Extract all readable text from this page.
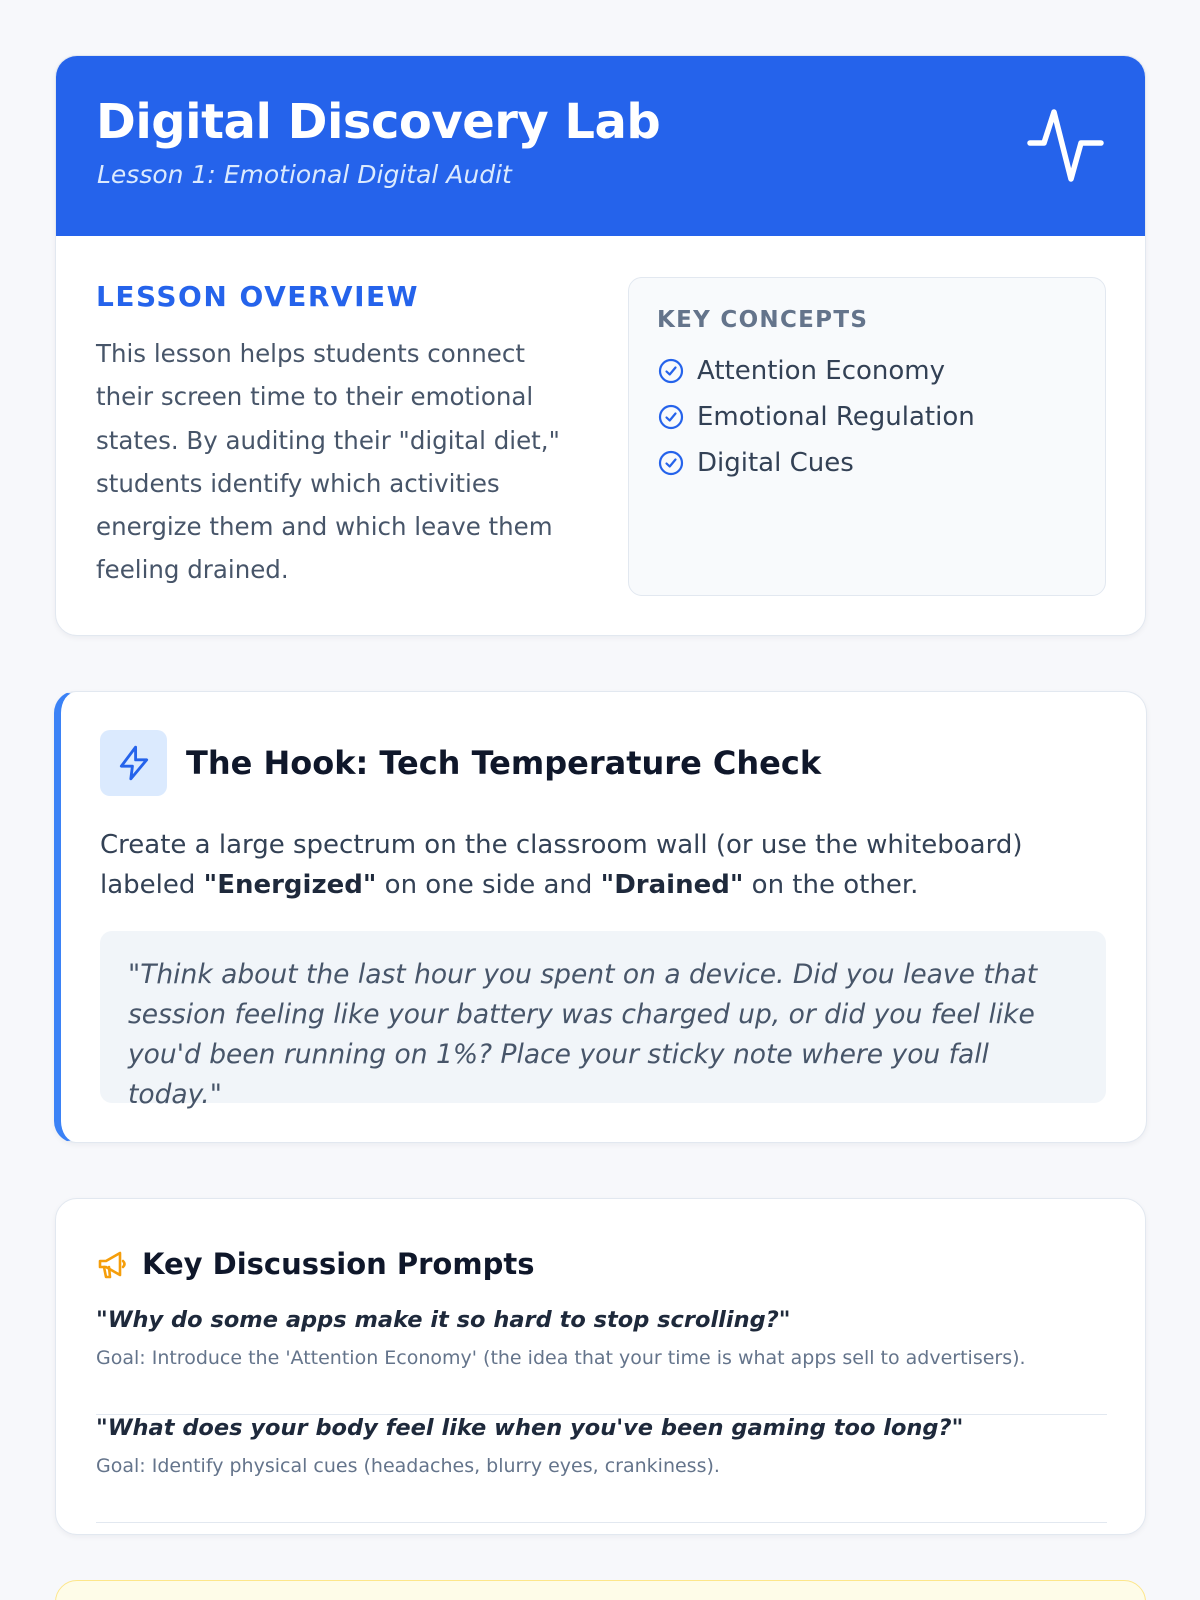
Digital Discovery Lab
Lesson 1: Emotional Digital Audit
LESSON OVERVIEW

This lesson helps students connect their screen time to their emotional states. By auditing their "digital diet," students identify which activities energize them and which leave them feeling drained.

KEY CONCEPTS
Attention Economy
Emotional Regulation
Digital Cues
The Hook: Tech Temperature Check

Create a large spectrum on the classroom wall (or use the whiteboard) labeled "Energized" on one side and "Drained" on the other.

"Think about the last hour you spent on a device. Did you leave that session feeling like your battery was charged up, or did you feel like you'd been running on 1%? Place your sticky note where you fall today."

Key Discussion Prompts
"Why do some apps make it so hard to stop scrolling?"
Goal: Introduce the 'Attention Economy' (the idea that your time is what apps sell to advertisers).
"What does your body feel like when you've been gaming too long?"
Goal: Identify physical cues (headaches, blurry eyes, crankiness).
